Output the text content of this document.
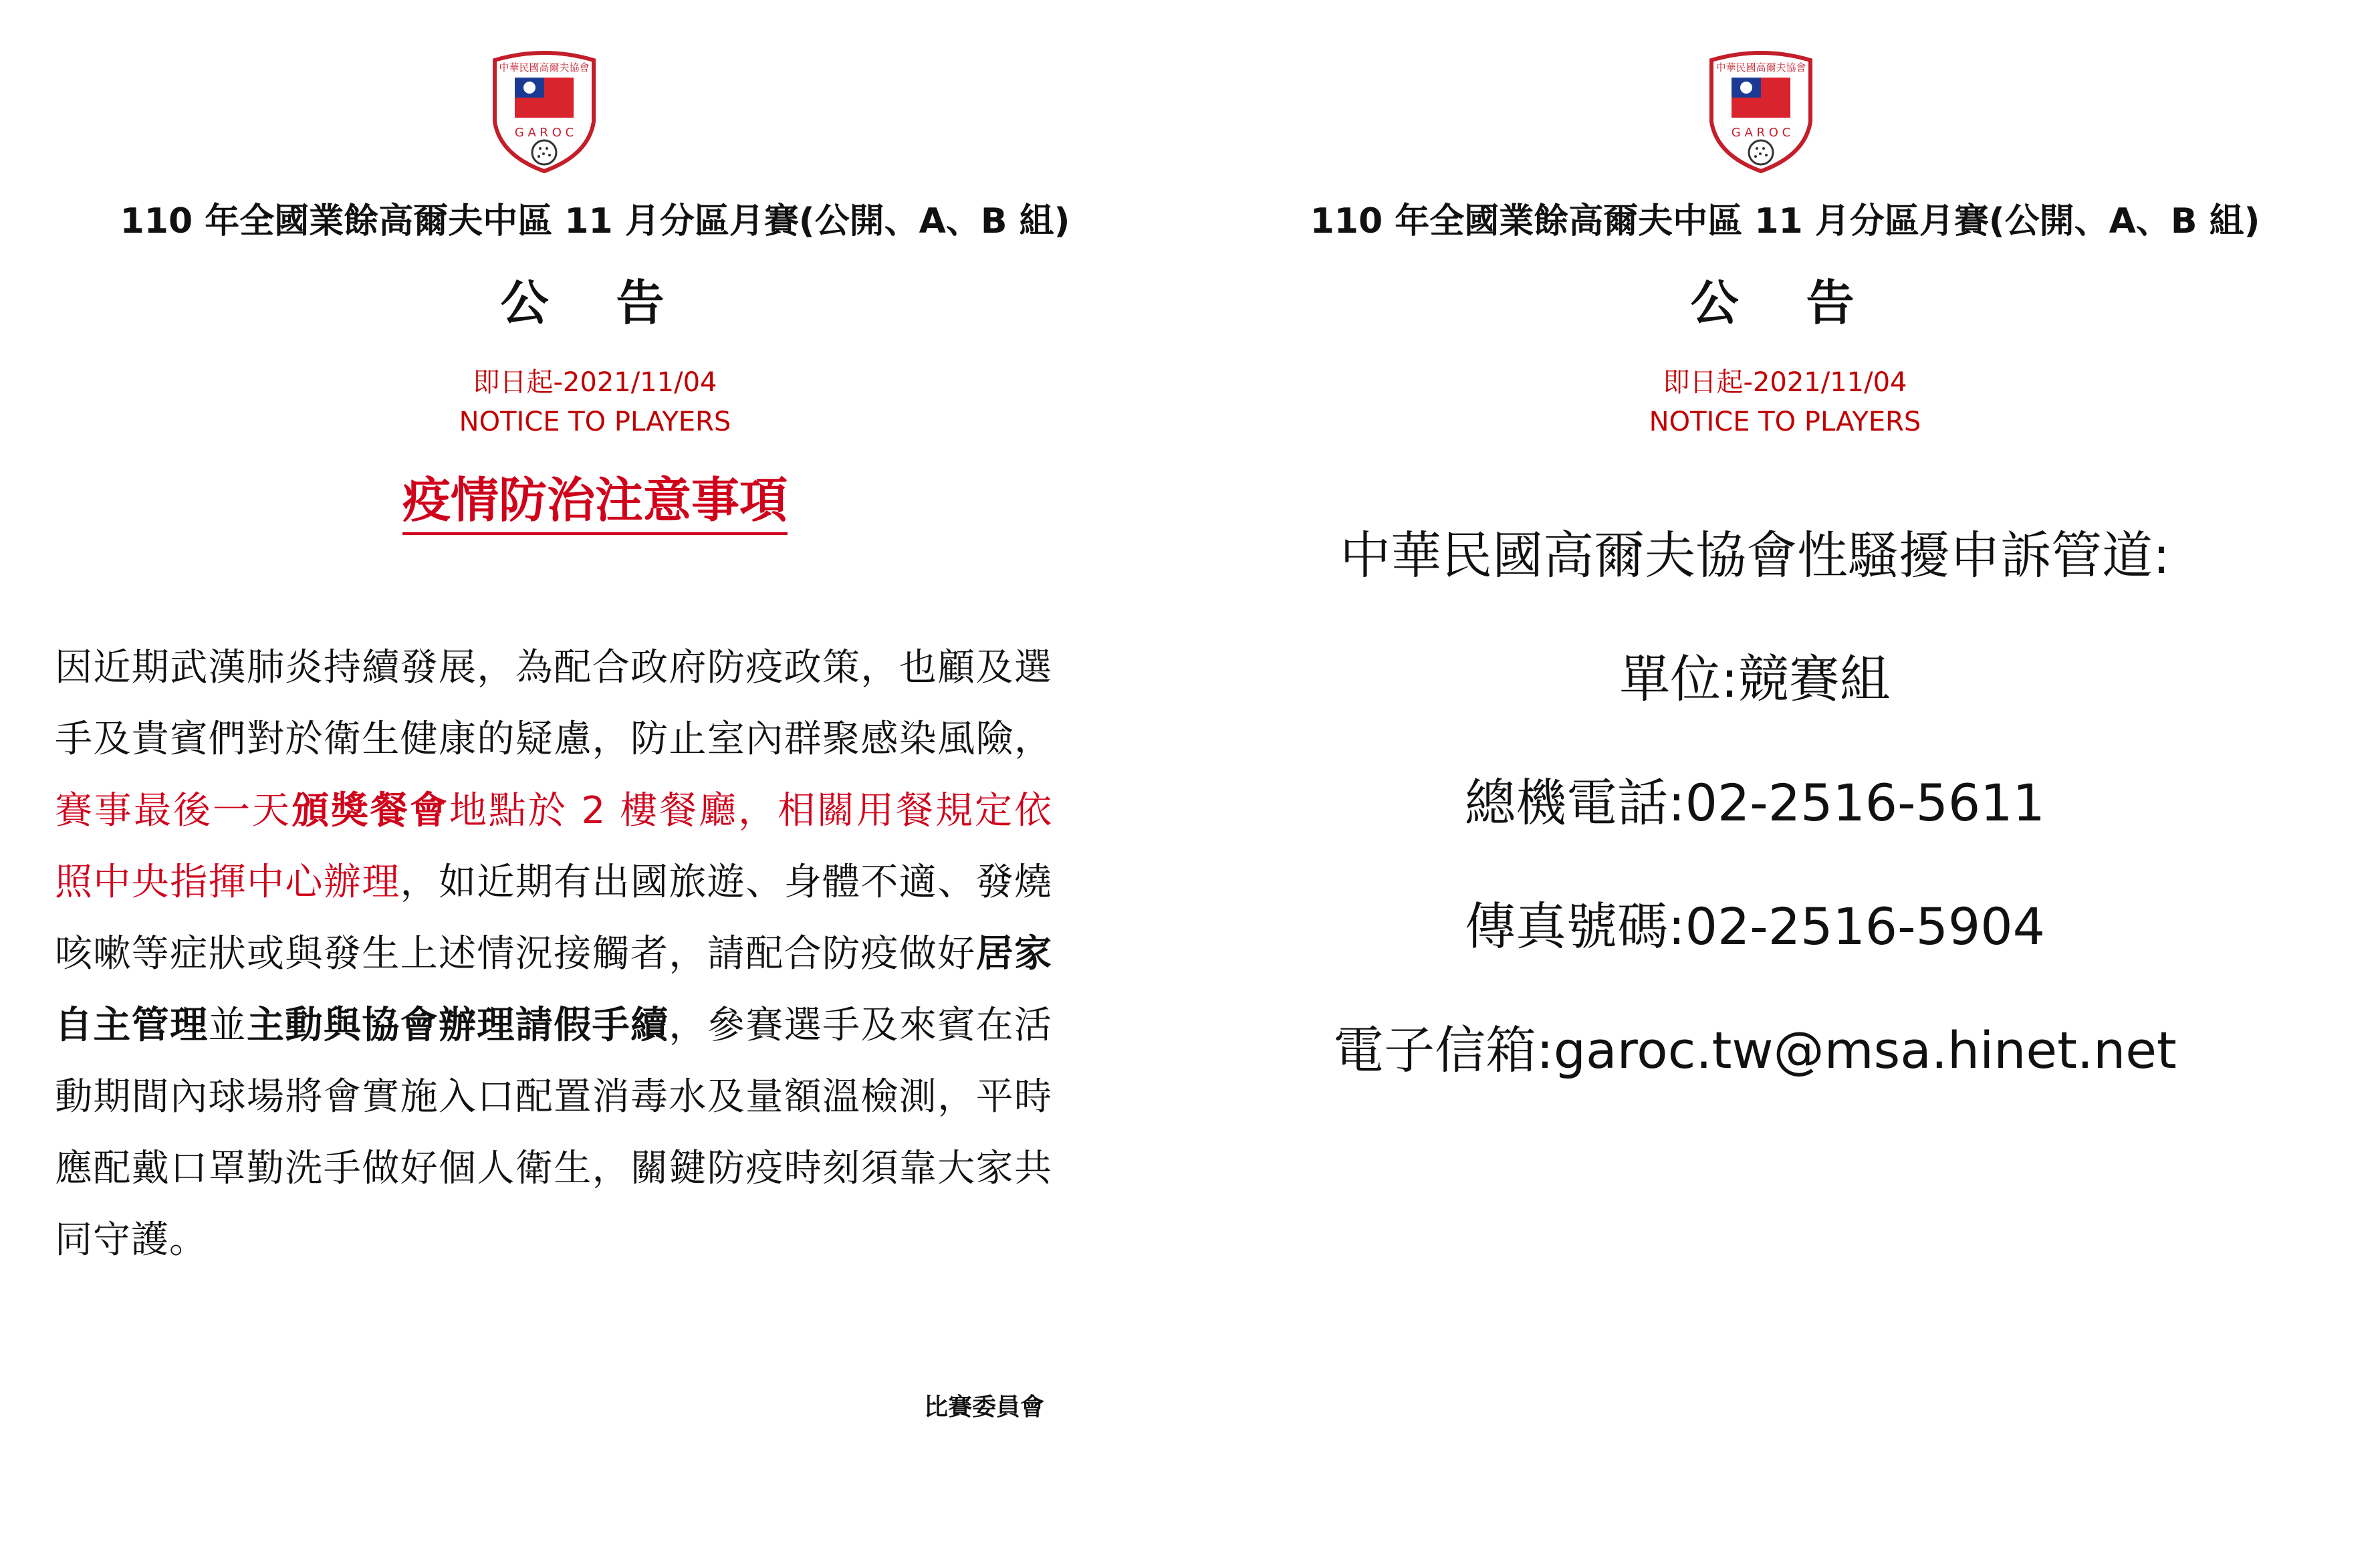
中華民國高爾夫協會
G A R O C
110 年全國業餘高爾夫中區 11 月分區月賽(公開、A、B 組)
公 告
即日起-2021/11/04
NOTICE TO PLAYERS
疫情防治注意事項
因近期武漢肺炎持續發展，為配合政府防疫政策，也顧及選手及貴賓們對於衛生健康的疑慮，防止室內群聚感染風險，賽事最後一天頒獎餐會地點於 2 樓餐廳，相關用餐規定依照中央指揮中心辦理，如近期有出國旅遊、身體不適、發燒咳嗽等症狀或與發生上述情況接觸者，請配合防疫做好居家自主管理並主動與協會辦理請假手續，參賽選手及來賓在活動期間內球場將會實施入口配置消毒水及量額溫檢測，平時應配戴口罩勤洗手做好個人衛生，關鍵防疫時刻須靠大家共同守護。
比賽委員會
中華民國高爾夫協會
G A R O C
110 年全國業餘高爾夫中區 11 月分區月賽(公開、A、B 組)
公 告
即日起-2021/11/04
NOTICE TO PLAYERS
中華民國高爾夫協會性騷擾申訴管道:
單位:競賽組
總機電話:02-2516-5611
傳真號碼:02-2516-5904
電子信箱:garoc.tw@msa.hinet.net
